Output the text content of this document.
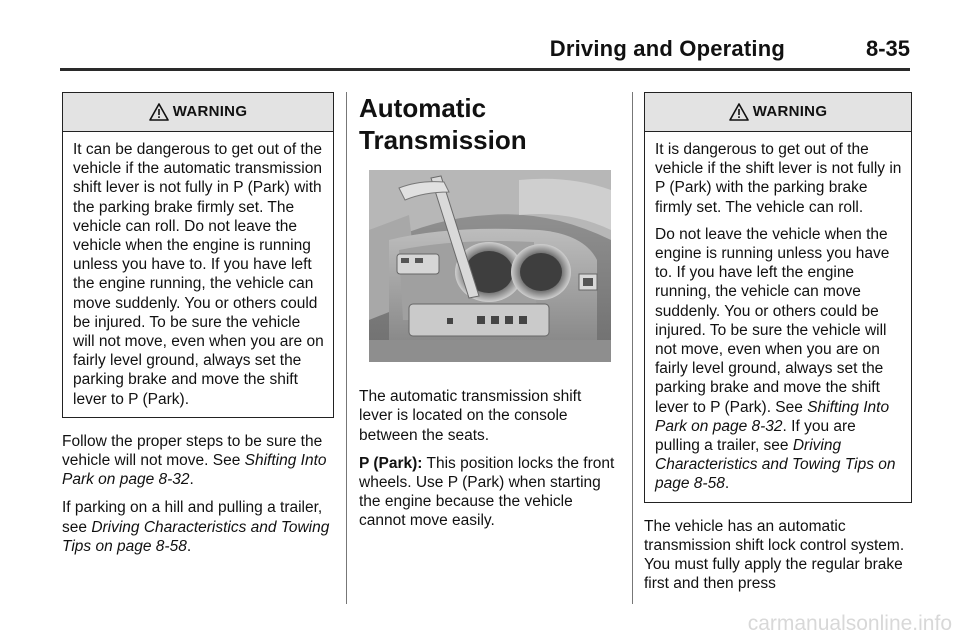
Driving and Operating	8-35
WARNING

It can be dangerous to get out of the vehicle if the automatic transmission shift lever is not fully in P (Park) with the parking brake firmly set. The vehicle can roll. Do not leave the vehicle when the engine is running unless you have to. If you have left the engine running, the vehicle can move suddenly. You or others could be injured. To be sure the vehicle will not move, even when you are on fairly level ground, always set the parking brake and move the shift lever to P (Park).

Follow the proper steps to be sure the vehicle will not move. See Shifting Into Park on page 8-32.

If parking on a hill and pulling a trailer, see Driving Characteristics and Towing Tips on page 8-58.

Automatic
Transmission

The automatic transmission shift lever is located on the console between the seats.

P (Park): This position locks the front wheels. Use P (Park) when starting the engine because the vehicle cannot move easily.

WARNING

It is dangerous to get out of the vehicle if the shift lever is not fully in P (Park) with the parking brake firmly set. The vehicle can roll.

Do not leave the vehicle when the engine is running unless you have to. If you have left the engine running, the vehicle can move suddenly. You or others could be injured. To be sure the vehicle will not move, even when you are on fairly level ground, always set the parking brake and move the shift lever to P (Park). See Shifting Into Park on page 8-32. If you are pulling a trailer, see Driving Characteristics and Towing Tips on page 8-58.

The vehicle has an automatic transmission shift lock control system. You must fully apply the regular brake first and then press

carmanualsonline.info
